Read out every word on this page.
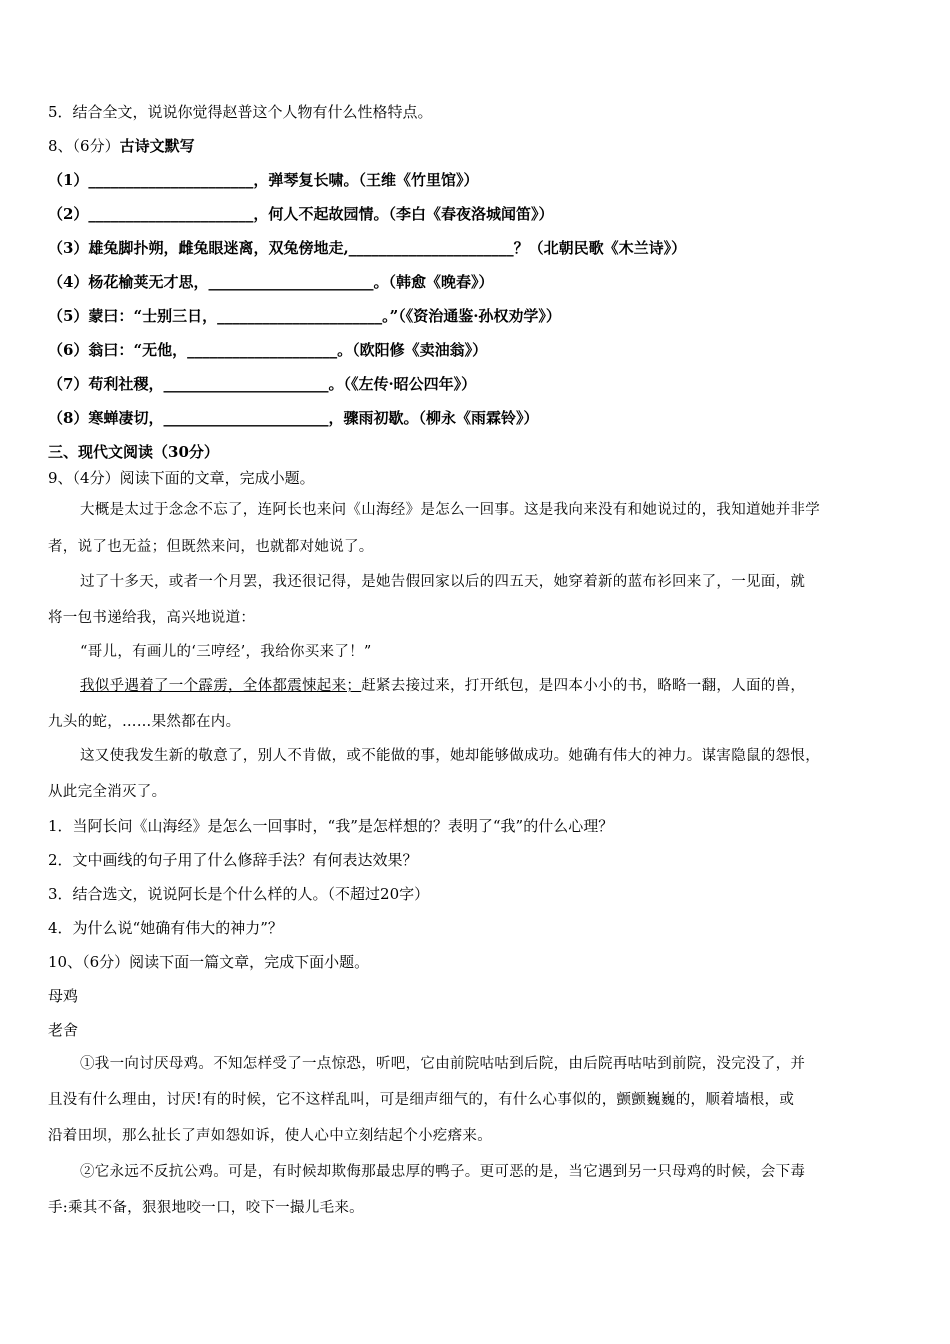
5．结合全文，说说你觉得赵普这个人物有什么性格特点。
8、（6分）古诗文默写
（1）______________________，弹琴复长啸。（王维《竹里馆》）
（2）______________________，何人不起故园情。（李白《春夜洛城闻笛》）
（3）雄兔脚扑朔，雌兔眼迷离，双兔傍地走,______________________？（北朝民歌《木兰诗》）
（4）杨花榆荚无才思，______________________。（韩愈《晚春》）
（5）蒙曰：“士别三日，______________________。”（《资治通鉴·孙权劝学》）
（6）翁曰：“无他，____________________。（欧阳修《卖油翁》）
（7）苟利社稷，______________________。（《左传·昭公四年》）
（8）寒蝉凄切，______________________，骤雨初歇。（柳永《雨霖铃》）
三、现代文阅读（30分）
9、（4分）阅读下面的文章，完成小题。
大概是太过于念念不忘了，连阿长也来问《山海经》是怎么一回事。这是我向来没有和她说过的，我知道她并非学
者，说了也无益；但既然来问，也就都对她说了。
过了十多天，或者一个月罢，我还很记得，是她告假回家以后的四五天，她穿着新的蓝布衫回来了，一见面，就
将一包书递给我，高兴地说道：
“哥儿，有画儿的‘三哼经’，我给你买来了！”
我似乎遇着了一个霹雳，全体都震悚起来；赶紧去接过来，打开纸包，是四本小小的书，略略一翻，人面的兽，
九头的蛇，……果然都在内。
这又使我发生新的敬意了，别人不肯做，或不能做的事，她却能够做成功。她确有伟大的神力。谋害隐鼠的怨恨，
从此完全消灭了。
1．当阿长问《山海经》是怎么一回事时，“我”是怎样想的？表明了“我”的什么心理？
2．文中画线的句子用了什么修辞手法？有何表达效果？
3．结合选文，说说阿长是个什么样的人。（不超过20字）
4．为什么说“她确有伟大的神力”？
10、（6分）阅读下面一篇文章，完成下面小题。
母鸡
老舍
①我一向讨厌母鸡。不知怎样受了一点惊恐，听吧，它由前院咕咕到后院，由后院再咕咕到前院，没完没了，并
且没有什么理由，讨厌!有的时候，它不这样乱叫，可是细声细气的，有什么心事似的，颤颤巍巍的，顺着墙根，或
沿着田坝，那么扯长了声如怨如诉，使人心中立刻结起个小疙瘩来。
②它永远不反抗公鸡。可是，有时候却欺侮那最忠厚的鸭子。更可恶的是，当它遇到另一只母鸡的时候，会下毒
手:乘其不备，狠狠地咬一口，咬下一撮儿毛来。
